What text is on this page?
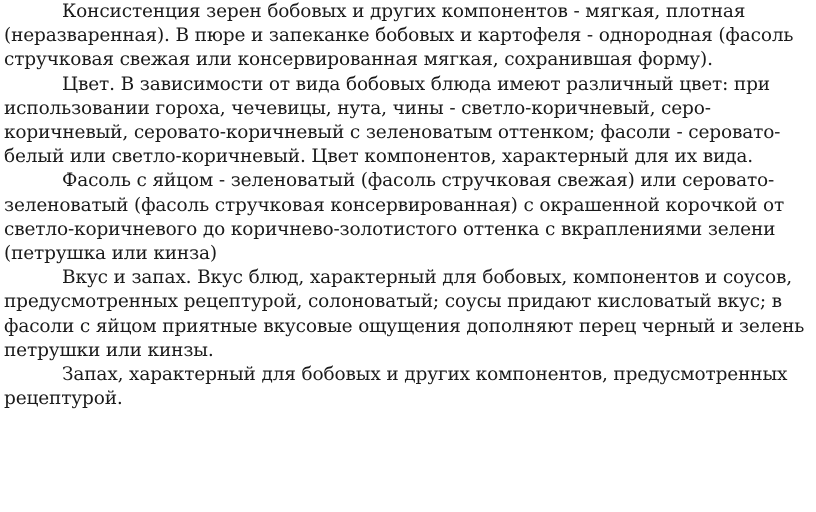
Консистенция зерен бобовых и других компонентов - мягкая, плотная (неразваренная). В пюре и запеканке бобовых и картофеля - однородная (фасоль стручковая свежая или консервированная мягкая, сохранившая форму).

Цвет. В зависимости от вида бобовых блюда имеют различный цвет: при использовании гороха, чечевицы, нута, чины - светло-коричневый, серо-коричневый, серовато-коричневый с зеленоватым оттенком; фасоли - серовато-белый или светло-коричневый. Цвет компонентов, характерный для их вида.

Фасоль с яйцом - зеленоватый (фасоль стручковая свежая) или серовато-зеленоватый (фасоль стручковая консервированная) с окрашенной корочкой от светло-коричневого до коричнево-золотистого оттенка с вкраплениями зелени (петрушка или кинза)

Вкус и запах. Вкус блюд, характерный для бобовых, компонентов и соусов, предусмотренных рецептурой, солоноватый; соусы придают кисловатый вкус; в фасоли с яйцом приятные вкусовые ощущения дополняют перец черный и зелень петрушки или кинзы.

Запах, характерный для бобовых и других компонентов, предусмотренных рецептурой.
